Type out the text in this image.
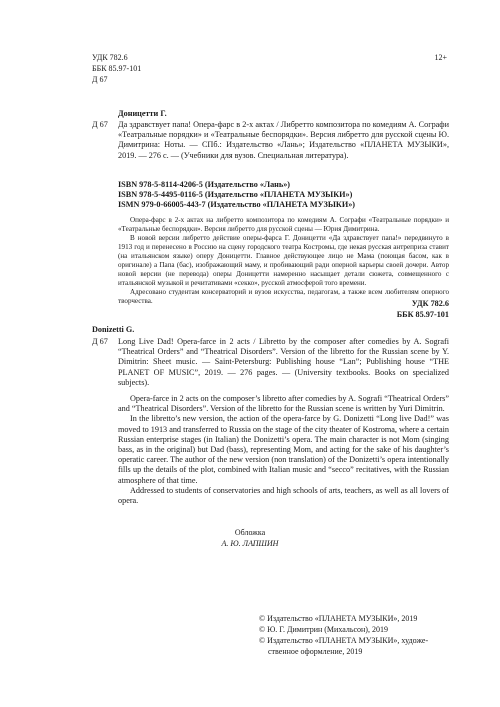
УДК 782.6
ББК 85.97-101
Д 67
12+
Доницетти Г.
Д 67 Да здравствует папа! Опера-фарс в 2-х актах / Либретто композитора по комедиям А. Сографи «Театральные порядки» и «Театральные беспорядки». Версия либретто для русской сцены Ю. Димитрина: Ноты. — СПб.: Издательство «Лань»; Издательство «ПЛАНЕТА МУЗЫКИ», 2019. — 276 с. — (Учебники для вузов. Специальная литература).
ISBN 978-5-8114-4206-5 (Издательство «Лань»)
ISBN 978-5-4495-0116-5 (Издательство «ПЛАНЕТА МУЗЫКИ»)
ISMN 979-0-66005-443-7 (Издательство «ПЛАНЕТА МУЗЫКИ»)

Опера-фарс в 2-х актах на либретто композитора по комедиям А. Сографи «Театральные порядки» и «Театральные беспорядки». Версия либретто для русской сцены — Юрия Димитрина.

В новой версии либретто действие оперы-фарса Г. Доницетти «Да здравствует папа!» передвинуто в 1913 год и перенесено в Россию на сцену городского театра Костромы, где некая русская антреприза ставит (на итальянском языке) оперу Доницетти. Главное действующее лицо не Мама (поющая басом, как в оригинале) а Папа (бас), изображающий маму, и пробивающий ради оперной карьеры своей дочери. Автор новой версии (не перевода) оперы Доницетти намеренно насыщает детали сюжета, совмещенного с итальянской музыкой и речитативами «секко», русской атмосферой того времени.

Адресовано студентам консерваторий и вузов искусства, педагогам, а также всем любителям оперного творчества.	УДК 782.6
ББК 85.97-101
Donizetti G.
Д 67 Long Live Dad! Opera-farce in 2 acts / Libretto by the composer after comedies by A. Sografi “Theatrical Orders” and “Theatrical Disorders”. Version of the libretto for the Russian scene by Y. Dimitrin: Sheet music. — Saint-Petersburg: Publishing house “Lan”; Publishing house “THE PLANET OF MUSIC”, 2019. — 276 pages. — (University textbooks. Books on specialized subjects).

Opera-farce in 2 acts on the composer’s libretto after comedies by A. Sografi “Theatrical Orders” and “Theatrical Disorders”. Version of the libretto for the Russian scene is written by Yuri Dimitrin.

In the libretto’s new version, the action of the opera-farce by G. Donizetti “Long live Dad!” was moved to 1913 and transferred to Russia on the stage of the city theater of Kostroma, where a certain Russian enterprise stages (in Italian) the Donizetti’s opera. The main character is not Mom (singing bass, as in the original) but Dad (bass), representing Mom, and acting for the sake of his daughter’s operatic career. The author of the new version (non translation) of the Donizetti’s opera intentionally fills up the details of the plot, combined with Italian music and “secco” recitatives, with the Russian atmosphere of that time.

Addressed to students of conservatories and high schools of arts, teachers, as well as all lovers of opera.

Обложка
А. Ю. ЛАПШИН
© Издательство «ПЛАНЕТА МУЗЫКИ», 2019
© Ю. Г. Димитрин (Михальсон), 2019
© Издательство «ПЛАНЕТА МУЗЫКИ», художе-
ственное оформление, 2019
